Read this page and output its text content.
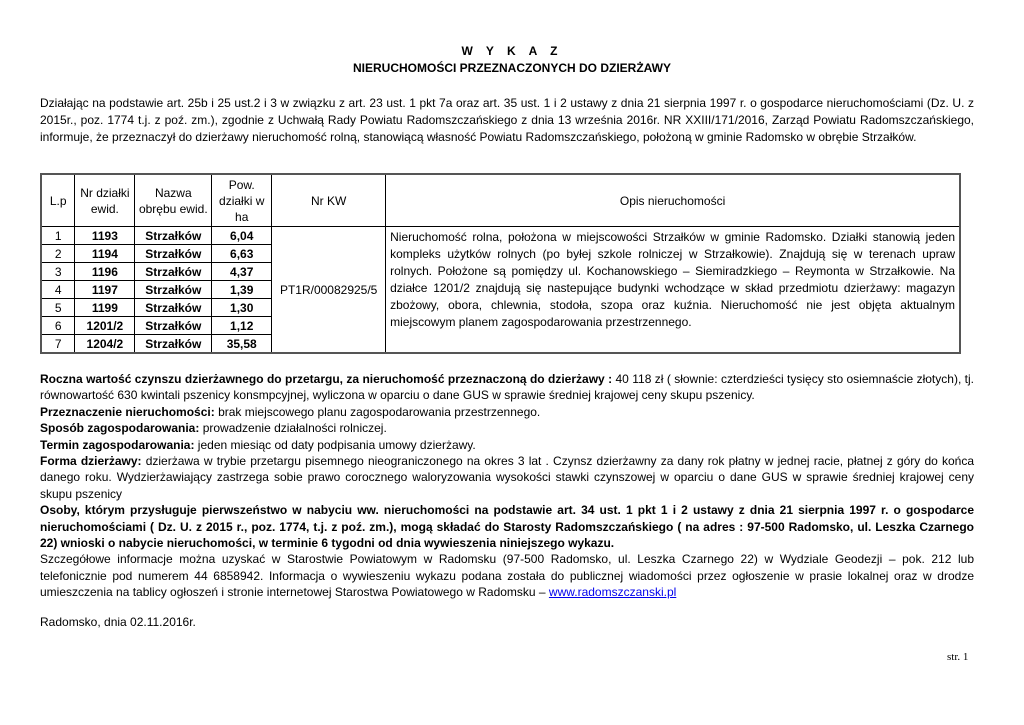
W Y K A Z
NIERUCHOMOŚCI PRZEZNACZONYCH DO DZIERŻAWY
Działając na podstawie art. 25b i 25 ust.2 i 3 w związku z art. 23 ust. 1 pkt 7a oraz art. 35 ust. 1 i 2 ustawy z dnia 21 sierpnia 1997 r. o gospodarce nieruchomościami (Dz. U. z 2015r., poz. 1774 t.j. z poź. zm.), zgodnie z Uchwałą Rady Powiatu Radomszczańskiego z dnia 13 września 2016r. NR XXIII/171/2016, Zarząd Powiatu Radomszczańskiego, informuje, że przeznaczył do dzierżawy nieruchomość rolną, stanowiącą własność Powiatu Radomszczańskiego, położoną w gminie Radomsko w obrębie Strzałków.
L.p	Nr działki ewid.	Nazwa obrębu ewid.	Pow. działki w ha	Nr KW	Opis nieruchomości
1	1193	Strzałków	6,04	PT1R/00082925/5	Nieruchomość rolna, położona w miejscowości Strzałków w gminie Radomsko. Działki stanowią jeden kompleks użytków rolnych (po byłej szkole rolniczej w Strzałkowie). Znajdują się w terenach upraw rolnych. Położone są pomiędzy ul. Kochanowskiego – Siemiradzkiego – Reymonta w Strzałkowie. Na działce 1201/2 znajdują się nastepujące budynki wchodzące w skład przedmiotu dzierżawy: magazyn zbożowy, obora, chlewnia, stodoła, szopa oraz kuźnia. Nieruchomość nie jest objęta aktualnym miejscowym planem zagospodarowania przestrzennego.
2	1194	Strzałków	6,63		
3	1196	Strzałków	4,37		
4	1197	Strzałków	1,39		
5	1199	Strzałków	1,30		
6	1201/2	Strzałków	1,12		
7	1204/2	Strzałków	35,58		

Roczna wartość czynszu dzierżawnego do przetargu, za nieruchomość przeznaczoną do dzierżawy : 40 118 zł ( słownie: czterdzieści tysięcy sto osiemnaście złotych), tj. równowartość 630 kwintali pszenicy konsmpcyjnej, wyliczona w oparciu o dane GUS w sprawie średniej krajowej ceny skupu pszenicy.

Przeznaczenie nieruchomości: brak miejscowego planu zagospodarowania przestrzennego.

Sposób zagospodarowania: prowadzenie działalności rolniczej.

Termin zagospodarowania: jeden miesiąc od daty podpisania umowy dzierżawy.

Forma dzierżawy: dzierżawa w trybie przetargu pisemnego nieograniczonego na okres 3 lat . Czynsz dzierżawny za dany rok płatny w jednej racie, płatnej z góry do końca danego roku. Wydzierżawiający zastrzega sobie prawo corocznego waloryzowania wysokości stawki czynszowej w oparciu o dane GUS w sprawie średniej krajowej ceny skupu pszenicy

Osoby, którym przysługuje pierwszeństwo w nabyciu ww. nieruchomości na podstawie art. 34 ust. 1 pkt 1 i 2 ustawy z dnia 21 sierpnia 1997 r. o gospodarce nieruchomościami ( Dz. U. z 2015 r., poz. 1774, t.j. z poź. zm.), mogą składać do Starosty Radomszczańskiego ( na adres : 97-500 Radomsko, ul. Leszka Czarnego 22) wnioski o nabycie nieruchomości, w terminie 6 tygodni od dnia wywieszenia niniejszego wykazu.

Szczegółowe informacje można uzyskać w Starostwie Powiatowym w Radomsku (97-500 Radomsko, ul. Leszka Czarnego 22) w Wydziale Geodezji – pok. 212 lub telefonicznie pod numerem 44 6858942. Informacja o wywieszeniu wykazu podana została do publicznej wiadomości przez ogłoszenie w prasie lokalnej oraz w drodze umieszczenia na tablicy ogłoszeń i stronie internetowej Starostwa Powiatowego w Radomsku – www.radomszczanski.pl

Radomsko, dnia 02.11.2016r.
str. 1
